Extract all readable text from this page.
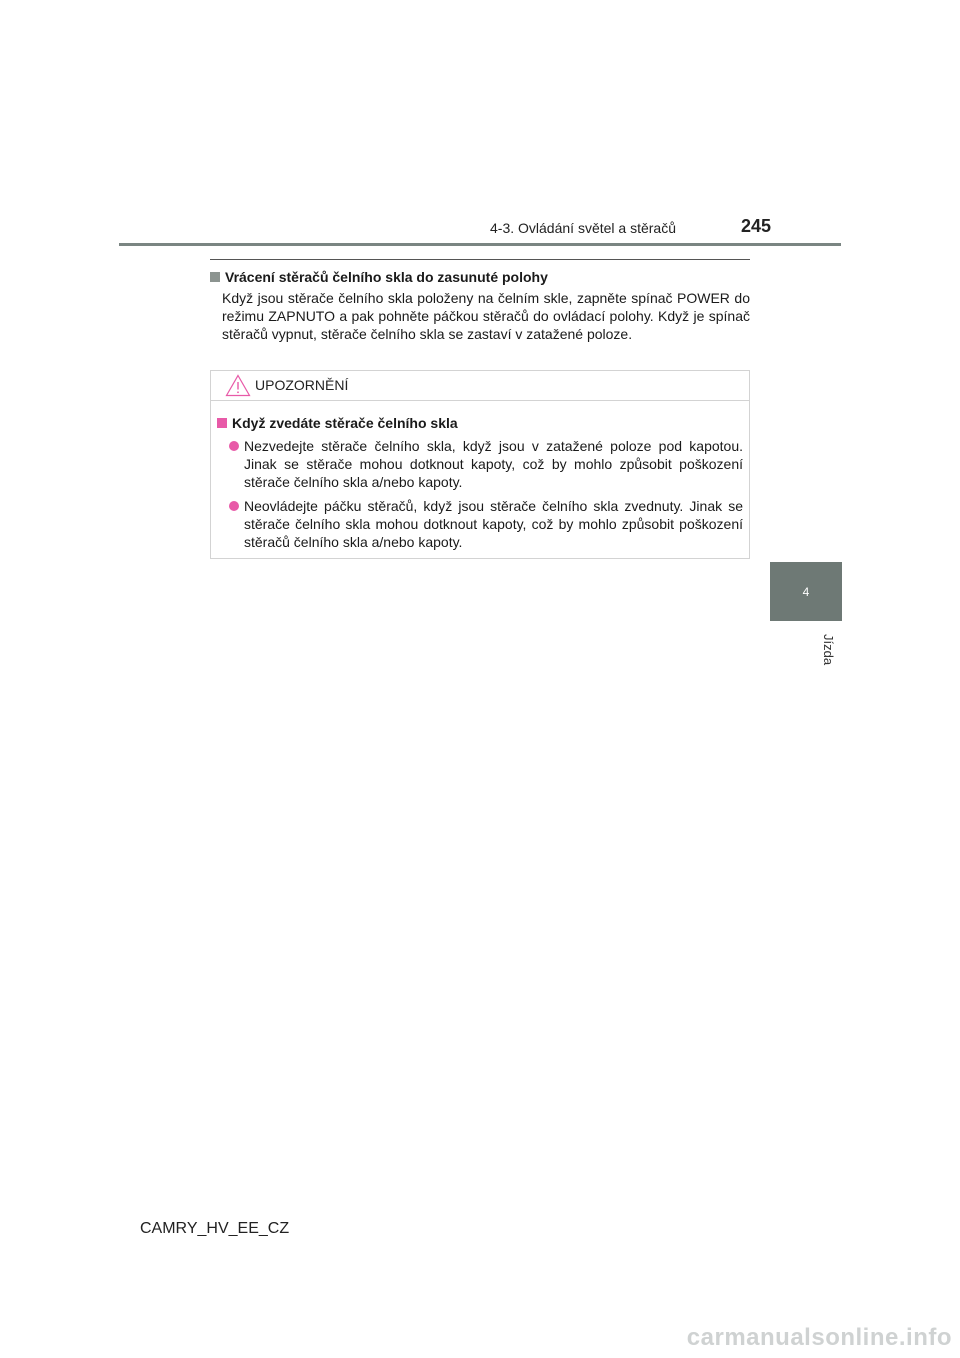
4-3. Ovládání světel a stěračů	245
4
Jízda

Vrácení stěračů čelního skla do zasunuté polohy

Když jsou stěrače čelního skla položeny na čelním skle, zapněte spínač POWER do režimu ZAPNUTO a pak pohněte páčkou stěračů do ovládací polohy. Když je spínač stěračů vypnut, stěrače čelního skla se zastaví v zatažené poloze.

UPOZORNĚNÍ

Když zvedáte stěrače čelního skla

Nezvedejte stěrače čelního skla, když jsou v zatažené poloze pod kapotou. Jinak se stěrače mohou dotknout kapoty, což by mohlo způsobit poškození stěrače čelního skla a/nebo kapoty.
Neovládejte páčku stěračů, když jsou stěrače čelního skla zvednuty. Jinak se stěrače čelního skla mohou dotknout kapoty, což by mohlo způsobit poškození stěračů čelního skla a/nebo kapoty.
CAMRY_HV_EE_CZ
carmanualsonline.info
